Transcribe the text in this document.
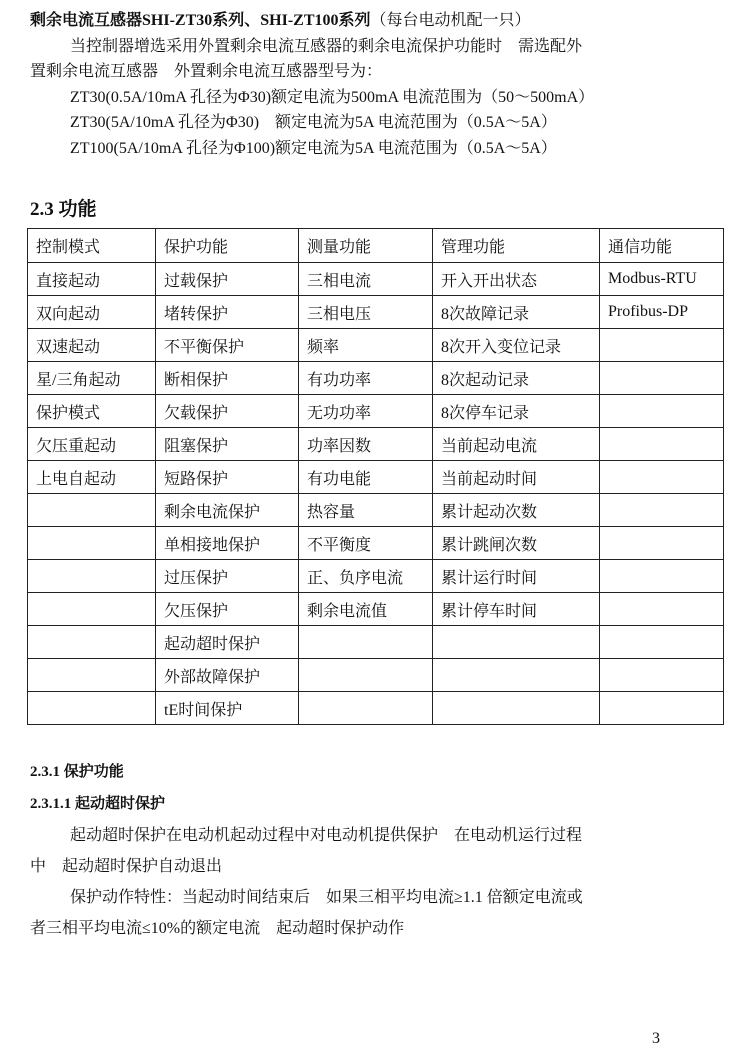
剩余电流互感器SHI-ZT30系列、SHI-ZT100系列（每台电动机配一只）
当控制器增选采用外置剩余电流互感器的剩余电流保护功能时　需选配外
置剩余电流互感器　外置剩余电流互感器型号为：
ZT30(0.5A/10mA 孔径为Φ30)额定电流为500mA 电流范围为（50～500mA）
ZT30(5A/10mA 孔径为Φ30)　额定电流为5A 电流范围为（0.5A～5A）
ZT100(5A/10mA 孔径为Φ100)额定电流为5A 电流范围为（0.5A～5A）
2.3 功能
控制模式	保护功能	测量功能	管理功能	通信功能
直接起动	过载保护	三相电流	开入开出状态	Modbus-RTU
双向起动	堵转保护	三相电压	8次故障记录	Profibus-DP
双速起动	不平衡保护	频率	8次开入变位记录	
星/三角起动	断相保护	有功功率	8次起动记录	
保护模式	欠载保护	无功功率	8次停车记录	
欠压重起动	阻塞保护	功率因数	当前起动电流	
上电自起动	短路保护	有功电能	当前起动时间	
	剩余电流保护	热容量	累计起动次数	
	单相接地保护	不平衡度	累计跳闸次数	
	过压保护	正、负序电流	累计运行时间	
	欠压保护	剩余电流值	累计停车时间	
	起动超时保护			
	外部故障保护			
	tE时间保护			
2.3.1 保护功能
2.3.1.1 起动超时保护
起动超时保护在电动机起动过程中对电动机提供保护　在电动机运行过程
中　起动超时保护自动退出
保护动作特性：当起动时间结束后　如果三相平均电流≥1.1 倍额定电流或
者三相平均电流≤10%的额定电流　起动超时保护动作
3
